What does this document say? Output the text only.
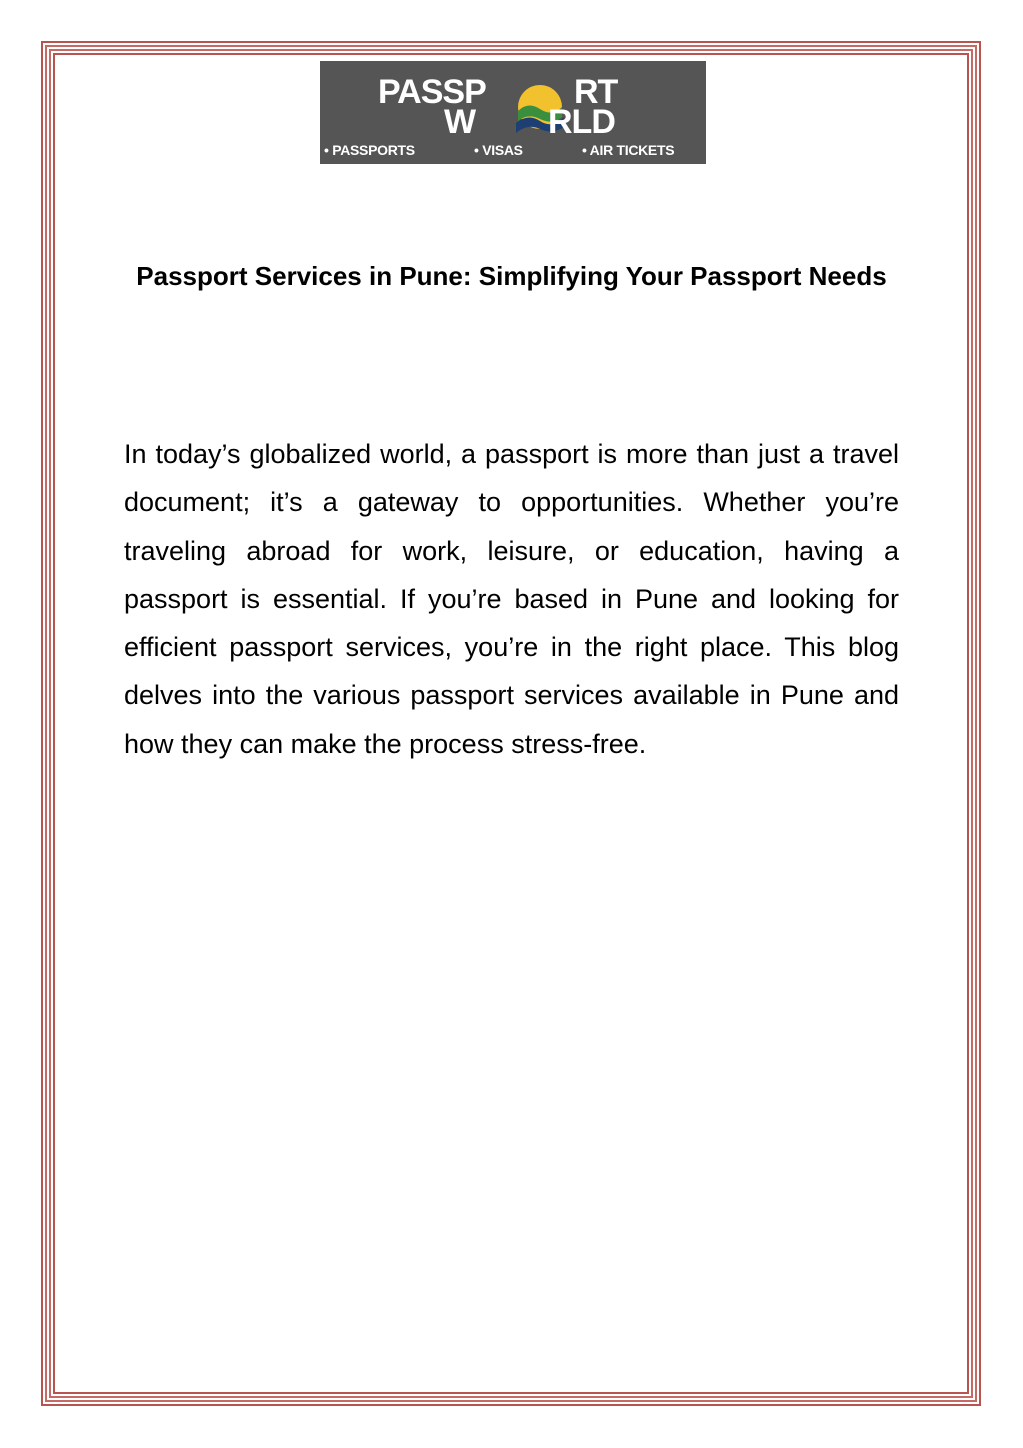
PASSP	RT
W RLD
• PASSPORTS	• VISAS	• AIR TICKETS
Passport Services in Pune: Simplifying Your Passport Needs

In today’s globalized world, a passport is more than just a travel document; it’s a gateway to opportunities. Whether you’re traveling abroad for work, leisure, or education, having a passport is essential. If you’re based in Pune and looking for efficient passport services, you’re in the right place. This blog delves into the various passport services available in Pune and how they can make the process stress-free.
